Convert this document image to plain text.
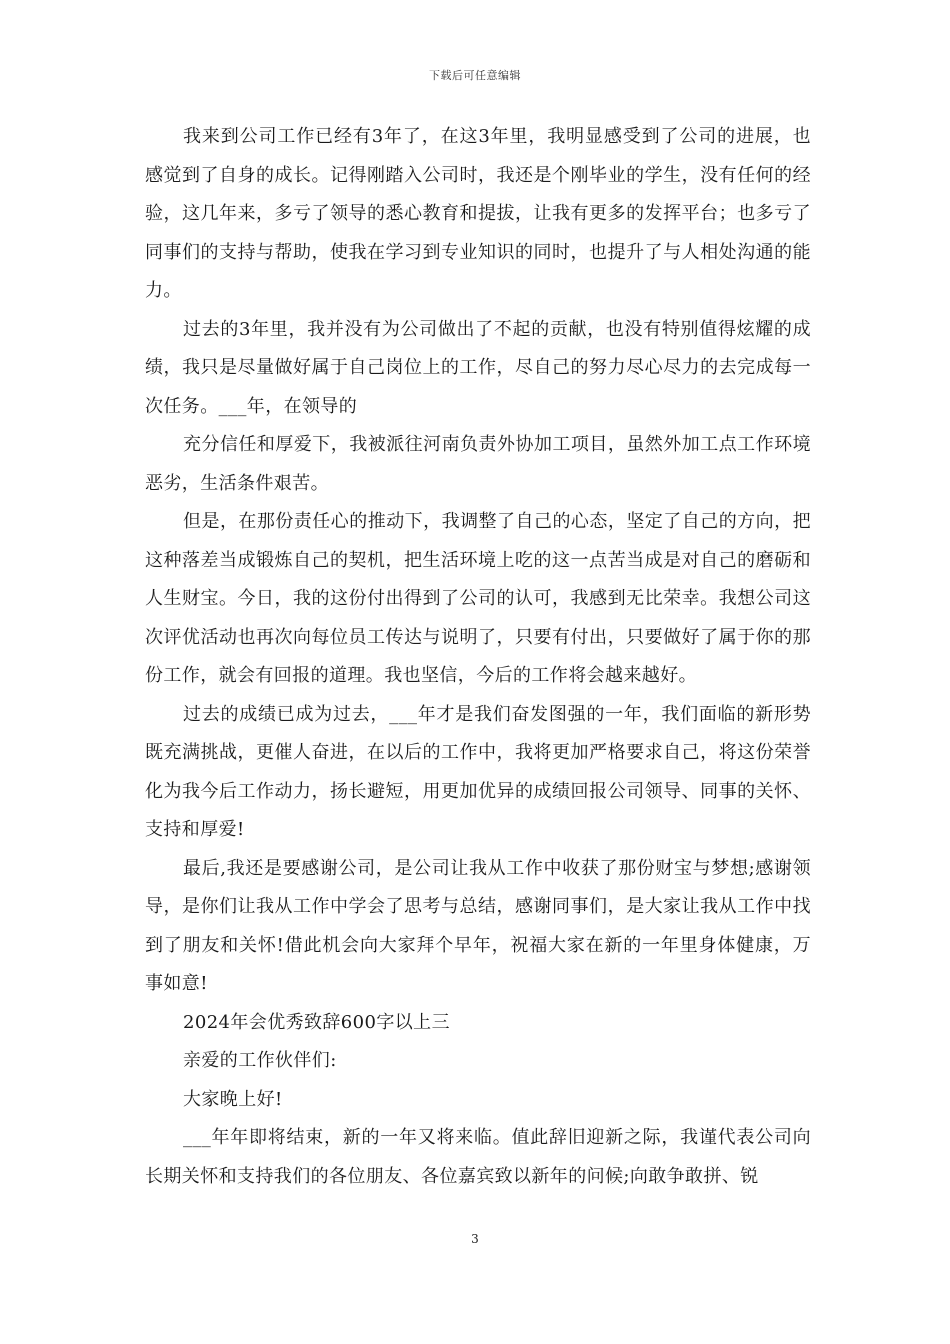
下载后可任意编辑

我来到公司工作已经有3年了，在这3年里，我明显感受到了公司的进展，也感觉到了自身的成长。记得刚踏入公司时，我还是个刚毕业的学生，没有任何的经验，这几年来，多亏了领导的悉心教育和提拔，让我有更多的发挥平台；也多亏了同事们的支持与帮助，使我在学习到专业知识的同时，也提升了与人相处沟通的能力。

过去的3年里，我并没有为公司做出了不起的贡献，也没有特别值得炫耀的成绩，我只是尽量做好属于自己岗位上的工作，尽自己的努力尽心尽力的去完成每一次任务。___年，在领导的

充分信任和厚爱下，我被派往河南负责外协加工项目，虽然外加工点工作环境恶劣，生活条件艰苦。

但是，在那份责任心的推动下，我调整了自己的心态，坚定了自己的方向，把这种落差当成锻炼自己的契机，把生活环境上吃的这一点苦当成是对自己的磨砺和人生财宝。今日，我的这份付出得到了公司的认可，我感到无比荣幸。我想公司这次评优活动也再次向每位员工传达与说明了，只要有付出，只要做好了属于你的那份工作，就会有回报的道理。我也坚信，今后的工作将会越来越好。

过去的成绩已成为过去，___年才是我们奋发图强的一年，我们面临的新形势既充满挑战，更催人奋进，在以后的工作中，我将更加严格要求自己，将这份荣誉化为我今后工作动力，扬长避短，用更加优异的成绩回报公司领导、同事的关怀、支持和厚爱!

最后,我还是要感谢公司，是公司让我从工作中收获了那份财宝与梦想;感谢领导，是你们让我从工作中学会了思考与总结，感谢同事们，是大家让我从工作中找到了朋友和关怀!借此机会向大家拜个早年，祝福大家在新的一年里身体健康，万事如意!

2024年会优秀致辞600字以上三

亲爱的工作伙伴们:

大家晚上好!

___年年即将结束，新的一年又将来临。值此辞旧迎新之际，我谨代表公司向长期关怀和支持我们的各位朋友、各位嘉宾致以新年的问候;向敢争敢拼、锐

3
